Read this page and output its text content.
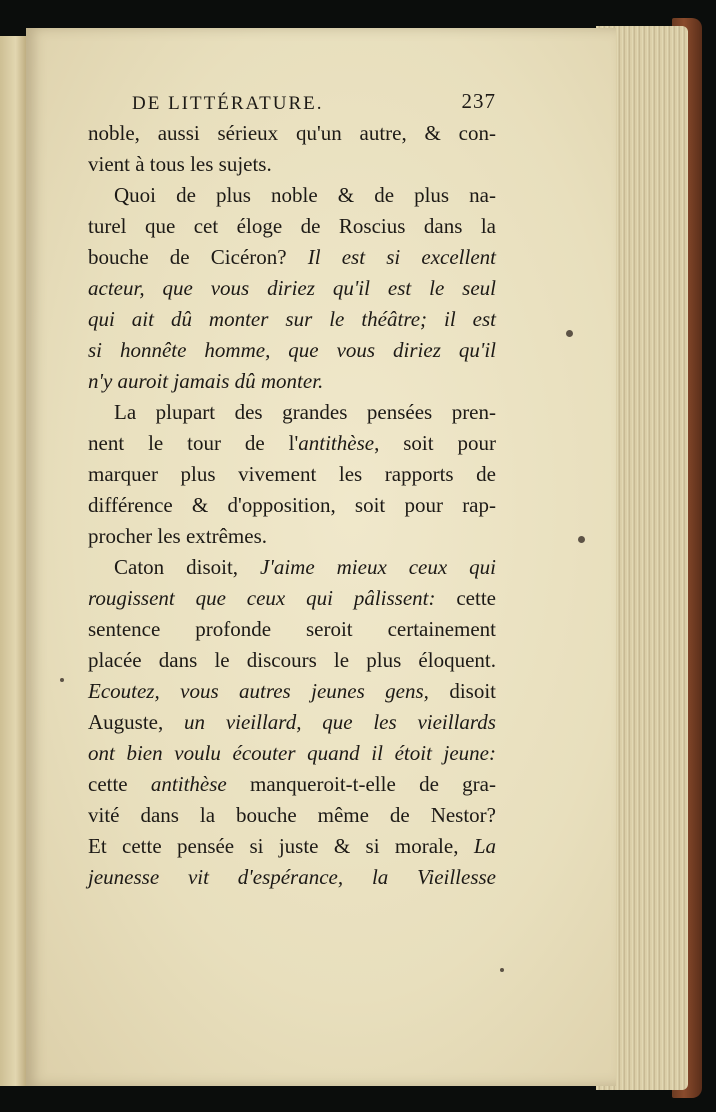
DE LITTÉRATURE.	237
noble, aussi sérieux qu'un autre, & con-
vient à tous les sujets.
Quoi de plus noble & de plus na-
turel que cet éloge de Roscius dans la
bouche de Cicéron? Il est si excellent
acteur, que vous diriez qu'il est le seul
qui ait dû monter sur le théâtre; il est
si honnête homme, que vous diriez qu'il
n'y auroit jamais dû monter.
La plupart des grandes pensées pren-
nent le tour de l'antithèse, soit pour
marquer plus vivement les rapports de
différence & d'opposition, soit pour rap-
procher les extrêmes.
Caton disoit, J'aime mieux ceux qui
rougissent que ceux qui pâlissent: cette
sentence profonde seroit certainement
placée dans le discours le plus éloquent.
Ecoutez, vous autres jeunes gens, disoit
Auguste, un vieillard, que les vieillards
ont bien voulu écouter quand il étoit jeune:
cette antithèse manqueroit-t-elle de gra-
vité dans la bouche même de Nestor?
Et cette pensée si juste & si morale, La
jeunesse vit d'espérance, la Vieillesse
